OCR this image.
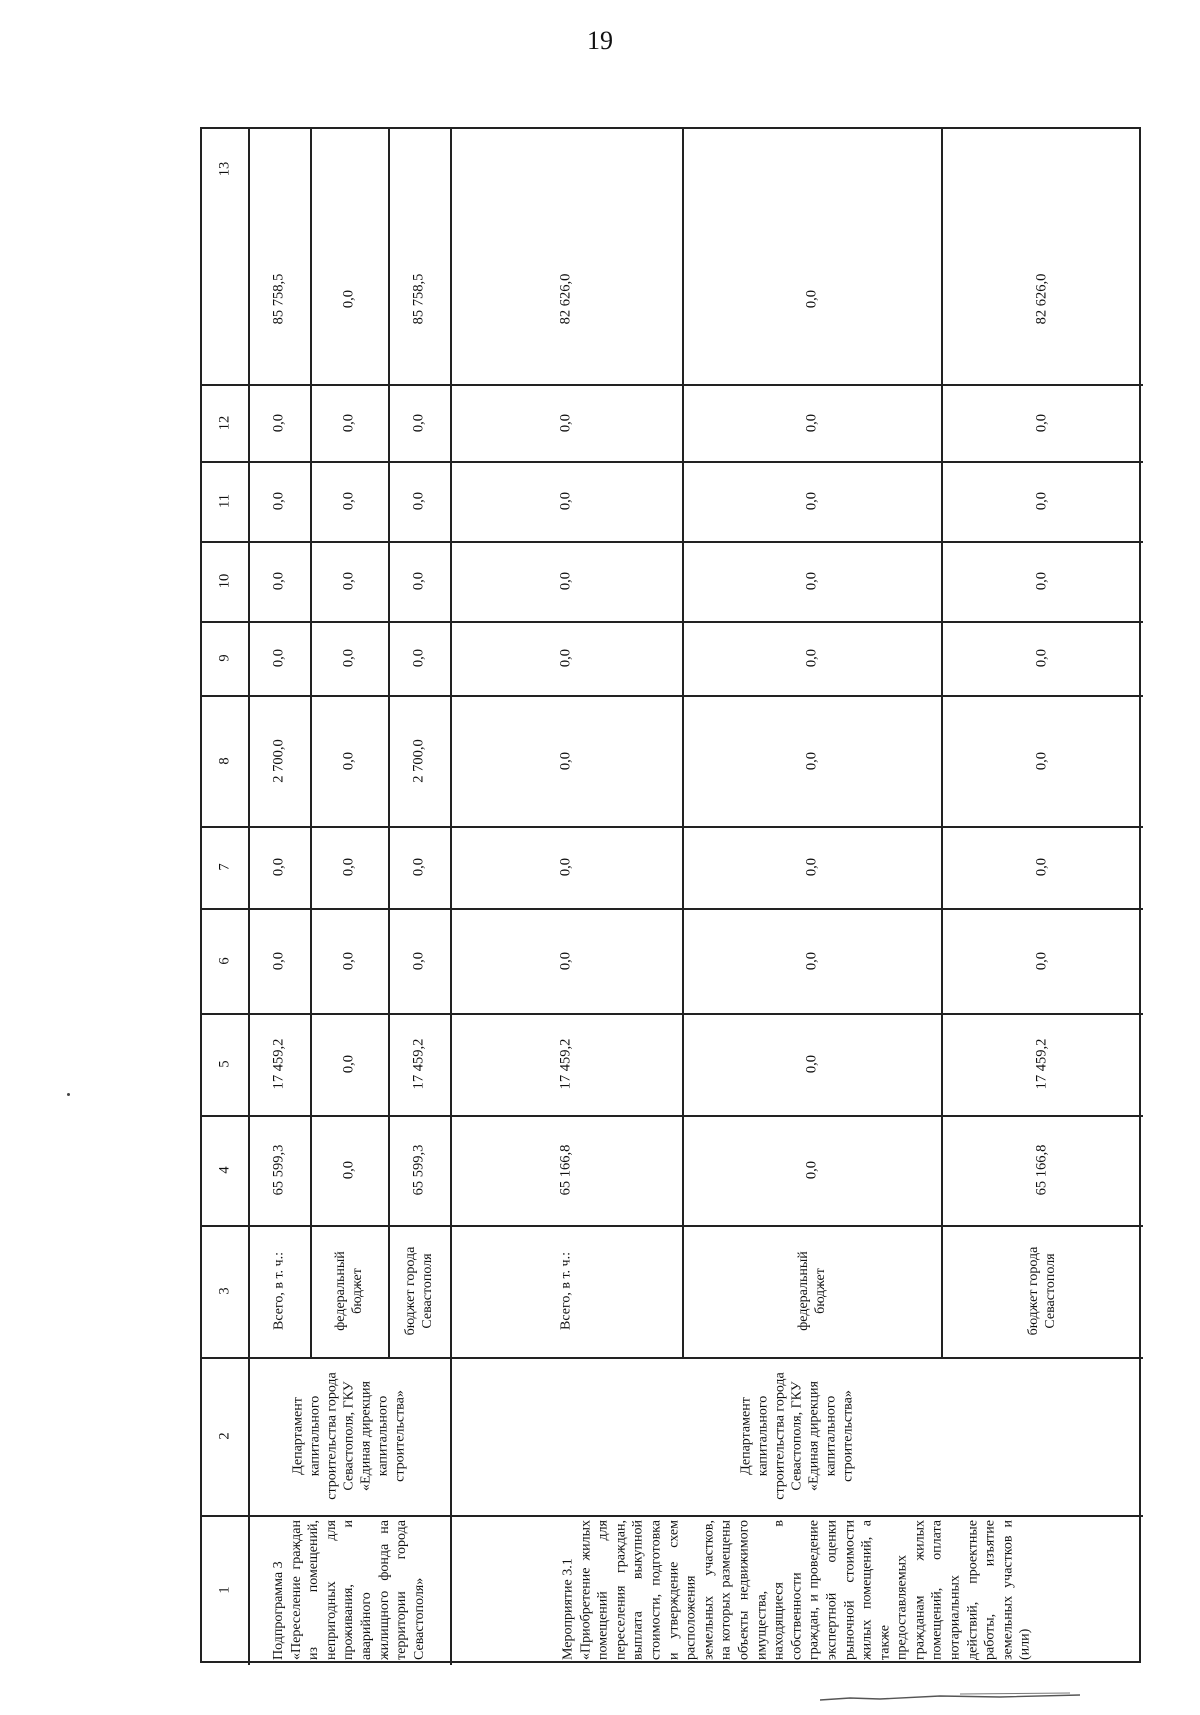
19
1
2
3
4
5
6
7
8
9
10
11
12
13
Подпрограмма 3
«Переселение граждан из помещений, непригодных для проживания, и аварийного жилищного фонда на территории города Севастополя»
Департамент
капитального
строительства города
Севастополя, ГКУ
«Единая дирекция
капитального
строительства»
Всего, в т. ч.:
65 599,3
17 459,2
0,0
0,0
2 700,0
0,0
0,0
0,0
0,0
85 758,5
федеральный
бюджет
0,0
0,0
0,0
0,0
0,0
0,0
0,0
0,0
0,0
0,0
бюджет города
Севастополя
65 599,3
17 459,2
0,0
0,0
2 700,0
0,0
0,0
0,0
0,0
85 758,5
Мероприятие 3.1
«Приобретение жилых помещений для переселения граждан, выплата выкупной стоимости, подготовка и утверждение схем расположения земельных участков, на которых размещены объекты недвижимого имущества, находящиеся в собственности граждан, и проведение экспертной оценки рыночной стоимости жилых помещений, а также предоставляемых гражданам жилых помещений, оплата нотариальных действий, проектные работы, изъятие земельных участков и (или)
Департамент
капитального
строительства города
Севастополя, ГКУ
«Единая дирекция
капитального
строительства»
Всего, в т. ч.:
65 166,8
17 459,2
0,0
0,0
0,0
0,0
0,0
0,0
0,0
82 626,0
федеральный
бюджет
0,0
0,0
0,0
0,0
0,0
0,0
0,0
0,0
0,0
0,0
бюджет города
Севастополя
65 166,8
17 459,2
0,0
0,0
0,0
0,0
0,0
0,0
0,0
82 626,0
